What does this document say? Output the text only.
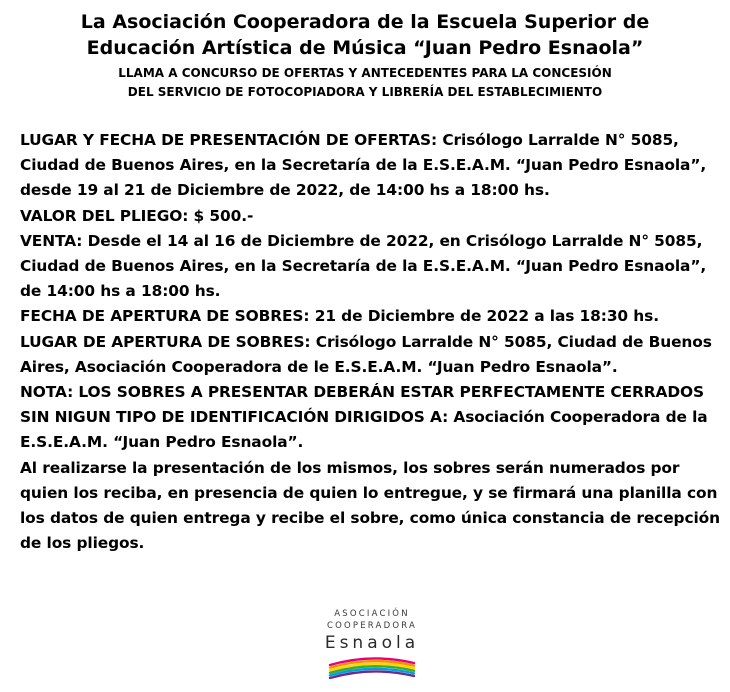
La Asociación Cooperadora de la Escuela Superior de

Educación Artística de Música “Juan Pedro Esnaola”

LLAMA A CONCURSO DE OFERTAS Y ANTECEDENTES PARA LA CONCESIÓN

DEL SERVICIO DE FOTOCOPIADORA Y LIBRERÍA DEL ESTABLECIMIENTO

LUGAR Y FECHA DE PRESENTACIÓN DE OFERTAS: Crisólogo Larralde N° 5085, Ciudad de Buenos Aires, en la Secretaría de la E.S.E.A.M. “Juan Pedro Esnaola”, desde 19 al 21 de Diciembre de 2022, de 14:00 hs a 18:00 hs.

VALOR DEL PLIEGO: $ 500.-

VENTA: Desde el 14 al 16 de Diciembre de 2022, en Crisólogo Larralde N° 5085, Ciudad de Buenos Aires, en la Secretaría de la E.S.E.A.M. “Juan Pedro Esnaola”, de 14:00 hs a 18:00 hs.

FECHA DE APERTURA DE SOBRES: 21 de Diciembre de 2022 a las 18:30 hs.

LUGAR DE APERTURA DE SOBRES: Crisólogo Larralde N° 5085, Ciudad de Buenos Aires, Asociación Cooperadora de le E.S.E.A.M. “Juan Pedro Esnaola”.

NOTA: LOS SOBRES A PRESENTAR DEBERÁN ESTAR PERFECTAMENTE CERRADOS SIN NIGUN TIPO DE IDENTIFICACIÓN DIRIGIDOS A: Asociación Cooperadora de la E.S.E.A.M. “Juan Pedro Esnaola”.

Al realizarse la presentación de los mismos, los sobres serán numerados por quien los reciba, en presencia de quien lo entregue, y se firmará una planilla con los datos de quien entrega y recibe el sobre, como única constancia de recepción de los pliegos.

ASOCIACIÓN
COOPERADORA
Esnaola
